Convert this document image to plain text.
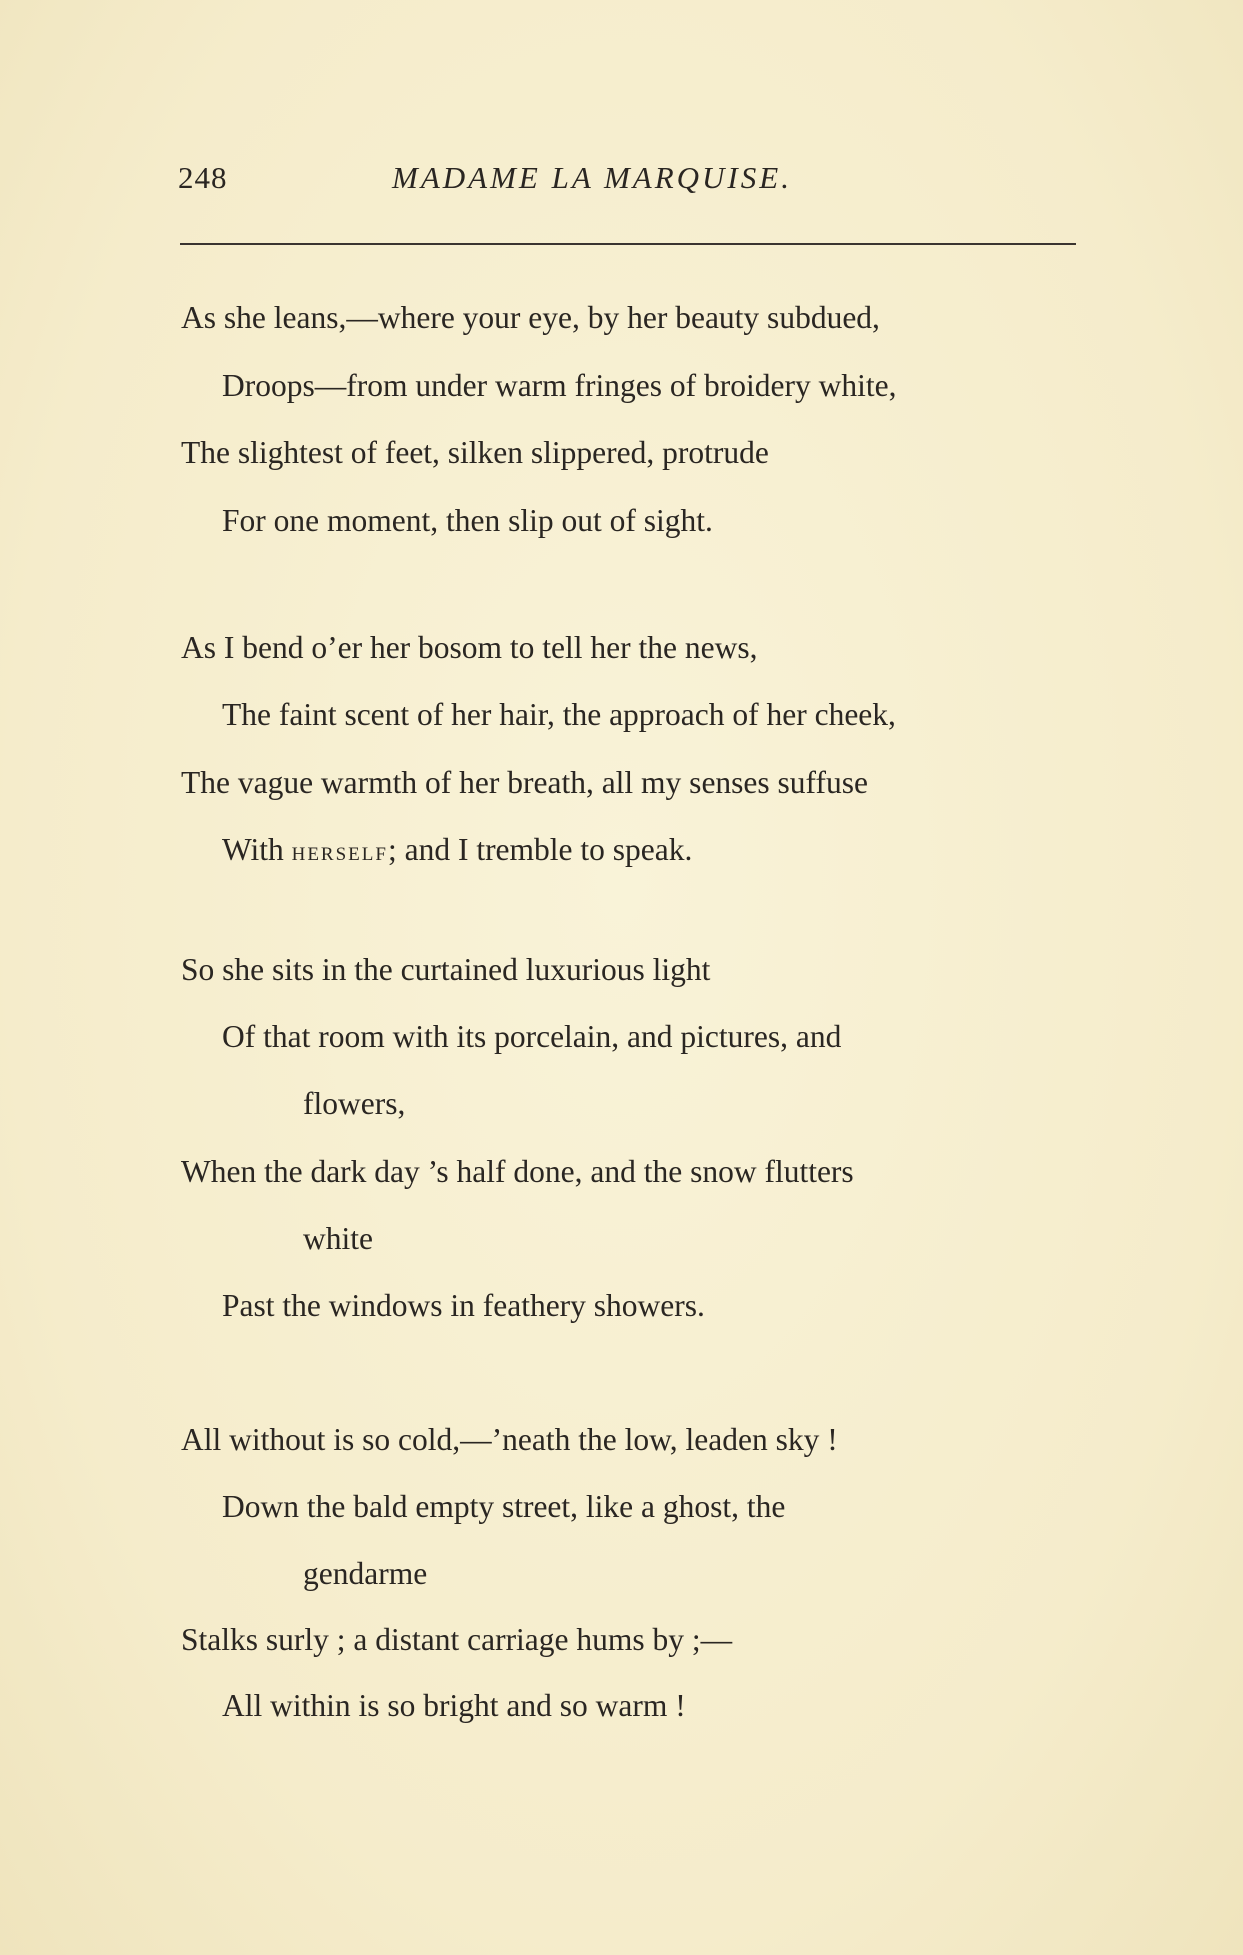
248	MADAME LA MARQUISE.
As she leans,—where your eye, by her beauty subdued,
Droops—from under warm fringes of broidery white,
The slightest of feet, silken slippered, protrude
For one moment, then slip out of sight.
As I bend o’er her bosom to tell her the news,
The faint scent of her hair, the approach of her cheek,
The vague warmth of her breath, all my senses suffuse
With herself; and I tremble to speak.
So she sits in the curtained luxurious light
Of that room with its porcelain, and pictures, and
flowers,
When the dark day ’s half done, and the snow flutters
white
Past the windows in feathery showers.
All without is so cold,—’neath the low, leaden sky !
Down the bald empty street, like a ghost, the
gendarme
Stalks surly ; a distant carriage hums by ;—
All within is so bright and so warm !
